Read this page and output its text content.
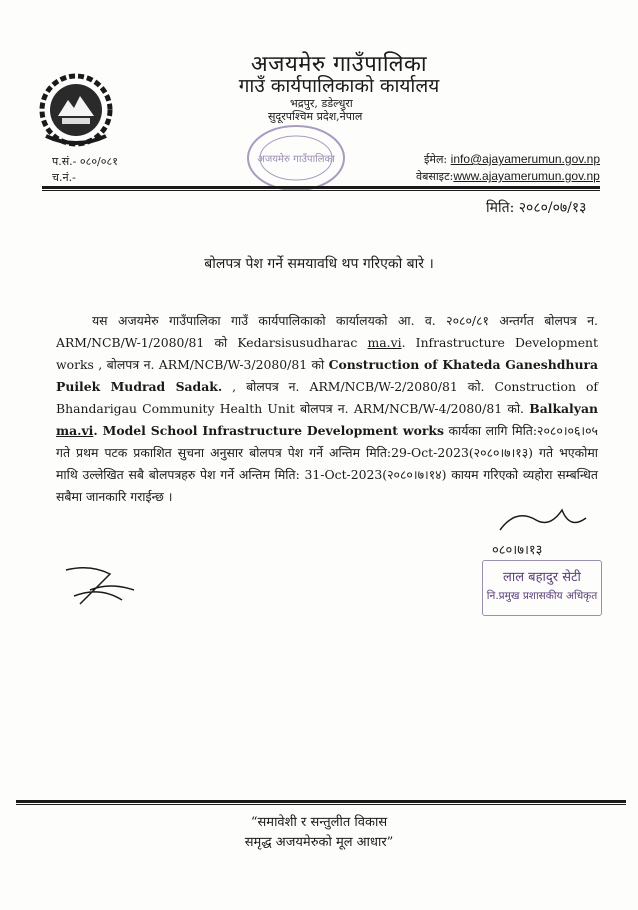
अजयमेरु गाउँपालिका
गाउँ कार्यपालिकाको कार्यालय
भद्रपुर, डडेल्धुरा
सुदूरपश्चिम प्रदेश,नेपाल
अजयमेरु गाउँपालिका
प.सं.- ०८०/०८१
च.नं.-
ईमेल: info@ajayamerumun.gov.np
वेबसाइट:www.ajayamerumun.gov.np
मिति: २०८०/०७/१३
बोलपत्र पेश गर्ने समयावधि थप गरिएको बारे ।
यस अजयमेरु गाउँपालिका गाउँ कार्यपालिकाको कार्यालयको आ. व. २०८०/८१ अन्तर्गत बोलपत्र न. ARM/NCB/W-1/2080/81 को Kedarsisusudharac ma.vi. Infrastructure Development works , बोलपत्र न. ARM/NCB/W-3/2080/81 को Construction of Khateda Ganeshdhura Puilek Mudrad Sadak. , बोलपत्र न. ARM/NCB/W-2/2080/81 को. Construction of Bhandarigau Community Health Unit बोलपत्र न. ARM/NCB/W-4/2080/81 को. Balkalyan ma.vi. Model School Infrastructure Development works कार्यका लागि मिति:२०८०।०६।०५ गते प्रथम पटक प्रकाशित सुचना अनुसार बोलपत्र पेश गर्ने अन्तिम मिति:29-Oct-2023(२०८०।७।१३) गते भएकोमा माथि उल्लेखित सबै बोलपत्रहरु पेश गर्ने अन्तिम मिति: 31-Oct-2023(२०८०।७।१४) कायम गरिएको व्यहोरा सम्बन्धित सबैमा जानकारि गराईन्छ ।
०८०।७।१३
लाल बहादुर सेटी
नि.प्रमुख प्रशासकीय अधिकृत
“समावेशी र सन्तुलीत विकास
समृद्ध अजयमेरुको मूल आधार”
